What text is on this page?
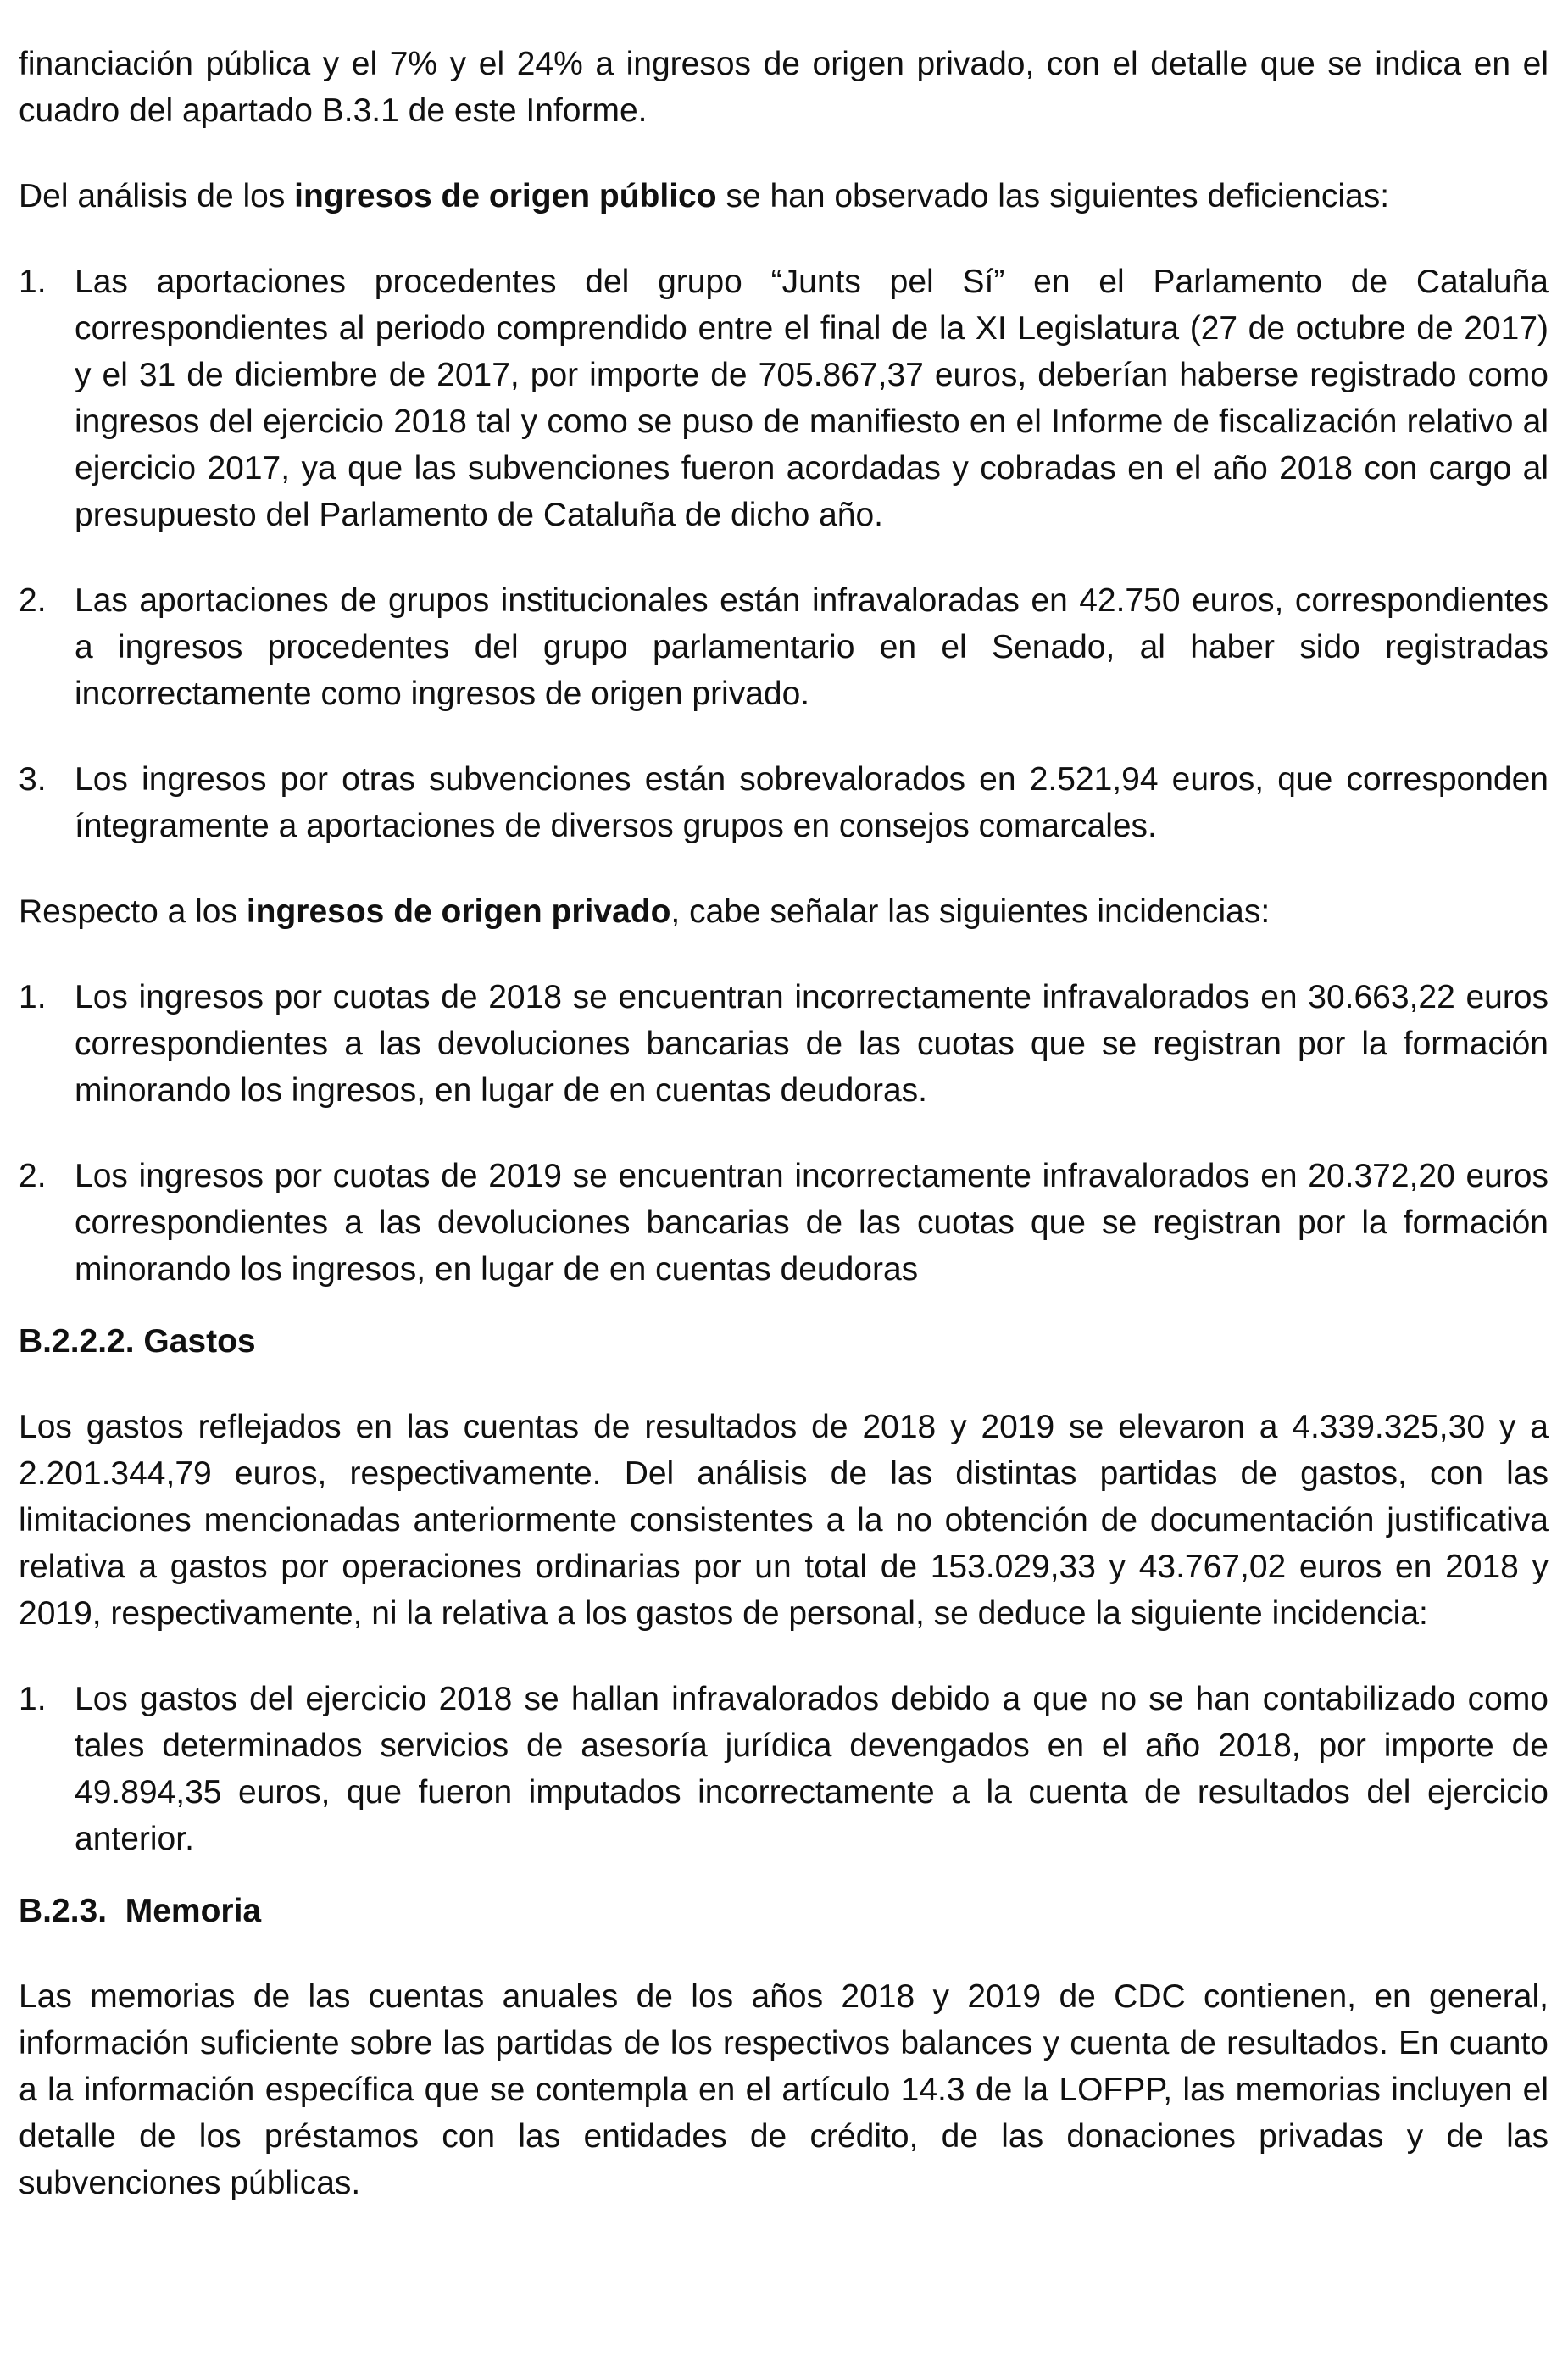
financiación pública y el 7% y el 24% a ingresos de origen privado, con el detalle que se indica en el cuadro del apartado B.3.1 de este Informe.

Del análisis de los ingresos de origen público se han observado las siguientes deficiencias:

1. Las aportaciones procedentes del grupo “Junts pel Sí” en el Parlamento de Cataluña correspondientes al periodo comprendido entre el final de la XI Legislatura (27 de octubre de 2017) y el 31 de diciembre de 2017, por importe de 705.867,37 euros, deberían haberse registrado como ingresos del ejercicio 2018 tal y como se puso de manifiesto en el Informe de fiscalización relativo al ejercicio 2017, ya que las subvenciones fueron acordadas y cobradas en el año 2018 con cargo al presupuesto del Parlamento de Cataluña de dicho año.
2. Las aportaciones de grupos institucionales están infravaloradas en 42.750 euros, correspondientes a ingresos procedentes del grupo parlamentario en el Senado, al haber sido registradas incorrectamente como ingresos de origen privado.
3. Los ingresos por otras subvenciones están sobrevalorados en 2.521,94 euros, que corresponden íntegramente a aportaciones de diversos grupos en consejos comarcales.

Respecto a los ingresos de origen privado, cabe señalar las siguientes incidencias:

1. Los ingresos por cuotas de 2018 se encuentran incorrectamente infravalorados en 30.663,22 euros correspondientes a las devoluciones bancarias de las cuotas que se registran por la formación minorando los ingresos, en lugar de en cuentas deudoras.
2. Los ingresos por cuotas de 2019 se encuentran incorrectamente infravalorados en 20.372,20 euros correspondientes a las devoluciones bancarias de las cuotas que se registran por la formación minorando los ingresos, en lugar de en cuentas deudoras
B.2.2.2. Gastos

Los gastos reflejados en las cuentas de resultados de 2018 y 2019 se elevaron a 4.339.325,30 y a 2.201.344,79 euros, respectivamente. Del análisis de las distintas partidas de gastos, con las limitaciones mencionadas anteriormente consistentes a la no obtención de documentación justificativa relativa a gastos por operaciones ordinarias por un total de 153.029,33 y 43.767,02 euros en 2018 y 2019, respectivamente, ni la relativa a los gastos de personal, se deduce la siguiente incidencia:

1. Los gastos del ejercicio 2018 se hallan infravalorados debido a que no se han contabilizado como tales determinados servicios de asesoría jurídica devengados en el año 2018, por importe de 49.894,35 euros, que fueron imputados incorrectamente a la cuenta de resultados del ejercicio anterior.
B.2.3.  Memoria

Las memorias de las cuentas anuales de los años 2018 y 2019 de CDC contienen, en general, información suficiente sobre las partidas de los respectivos balances y cuenta de resultados. En cuanto a la información específica que se contempla en el artículo 14.3 de la LOFPP, las memorias incluyen el detalle de los préstamos con las entidades de crédito, de las donaciones privadas y de las subvenciones públicas.
